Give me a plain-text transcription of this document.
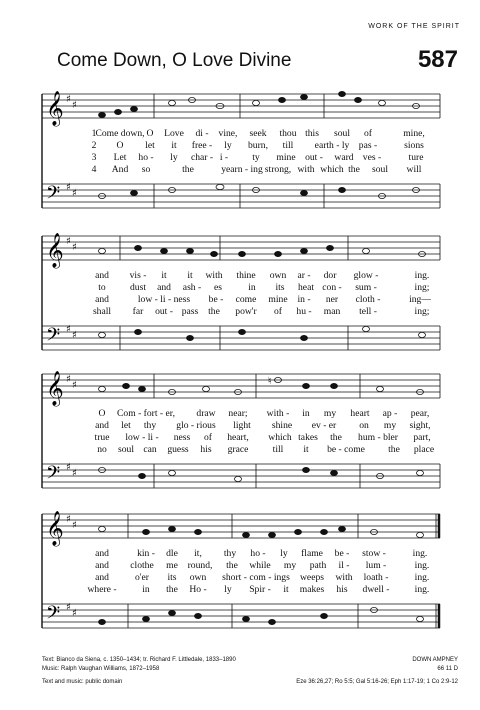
WORK OF THE SPIRIT
Come Down, O Love Divine	587
𝄞
𝄢
♯
♯
♯
♯
1 Come down, O Love di - vine, seek thou this soul of	mine,
2 O let it free - ly burn, till earth - ly pas -	sions
3 Let ho - ly char - i -	ty mine out - ward ves -	ture
4 And so	the	yearn - ing strong, with which the soul will
𝄞
𝄢
♯
♯
♯
♯
and vis - it it with thine own ar - dor glow -	ing.
to	dust and ash - es	in its heat con - sum -	ing;
and	low - li - ness be - come mine in - ner cloth -	ing—
shall far out - pass the pow'r of hu - man tell -	ing;
𝄞
𝄢
♯
♯
♯
♯
♮
O Com - fort - er, draw near; with - in my heart ap - pear,
and let thy glo - rious light shine ev - er on my sight,
true low - li - ness of heart, which takes the hum - bler part,
no soul can guess his grace	till it be - come the place
𝄞
𝄢
♯
♯
♯
♯
and	kin - dle it, thy ho - ly flame be - stow -	ing.
and clothe me round, the while my path il - lum -	ing.
and	o'er its own short - com - ings weeps with loath -	ing.
where -	in the Ho - ly Spir - it makes his dwell -	ing.
Text: Bianco da Siena, c. 1350–1434; tr. Richard F. Littledale, 1833–1890
Music: Ralph Vaughan Williams, 1872–1958
Text and music: public domain
DOWN AMPNEY
66 11 D
Eze 36:26,27; Ro 5:5; Gal 5:16-26; Eph 1:17-19; 1 Co 2:9-12
